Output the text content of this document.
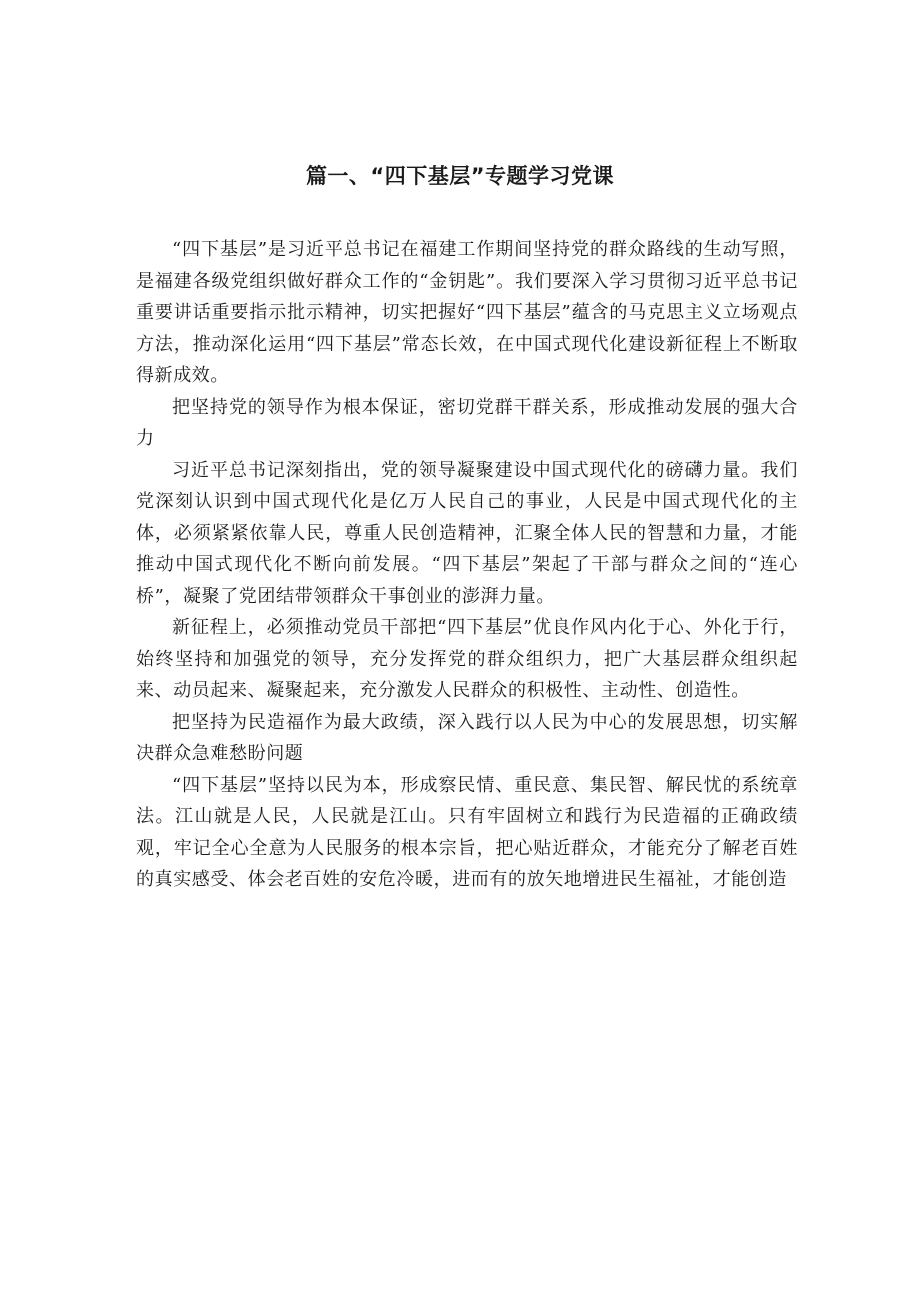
篇一、“四下基层”专题学习党课

“四下基层”是习近平总书记在福建工作期间坚持党的群众路线的生动写照，是福建各级党组织做好群众工作的“金钥匙”。我们要深入学习贯彻习近平总书记重要讲话重要指示批示精神，切实把握好“四下基层”蕴含的马克思主义立场观点方法，推动深化运用“四下基层”常态长效，在中国式现代化建设新征程上不断取得新成效。

把坚持党的领导作为根本保证，密切党群干群关系，形成推动发展的强大合力

习近平总书记深刻指出，党的领导凝聚建设中国式现代化的磅礴力量。我们党深刻认识到中国式现代化是亿万人民自己的事业，人民是中国式现代化的主体，必须紧紧依靠人民，尊重人民创造精神，汇聚全体人民的智慧和力量，才能推动中国式现代化不断向前发展。“四下基层”架起了干部与群众之间的“连心桥”，凝聚了党团结带领群众干事创业的澎湃力量。

新征程上，必须推动党员干部把“四下基层”优良作风内化于心、外化于行，始终坚持和加强党的领导，充分发挥党的群众组织力，把广大基层群众组织起来、动员起来、凝聚起来，充分激发人民群众的积极性、主动性、创造性。

把坚持为民造福作为最大政绩，深入践行以人民为中心的发展思想，切实解决群众急难愁盼问题

“四下基层”坚持以民为本，形成察民情、重民意、集民智、解民忧的系统章法。江山就是人民，人民就是江山。只有牢固树立和践行为民造福的正确政绩观，牢记全心全意为人民服务的根本宗旨，把心贴近群众，才能充分了解老百姓的真实感受、体会老百姓的安危冷暖，进而有的放矢地增进民生福祉，才能创造
